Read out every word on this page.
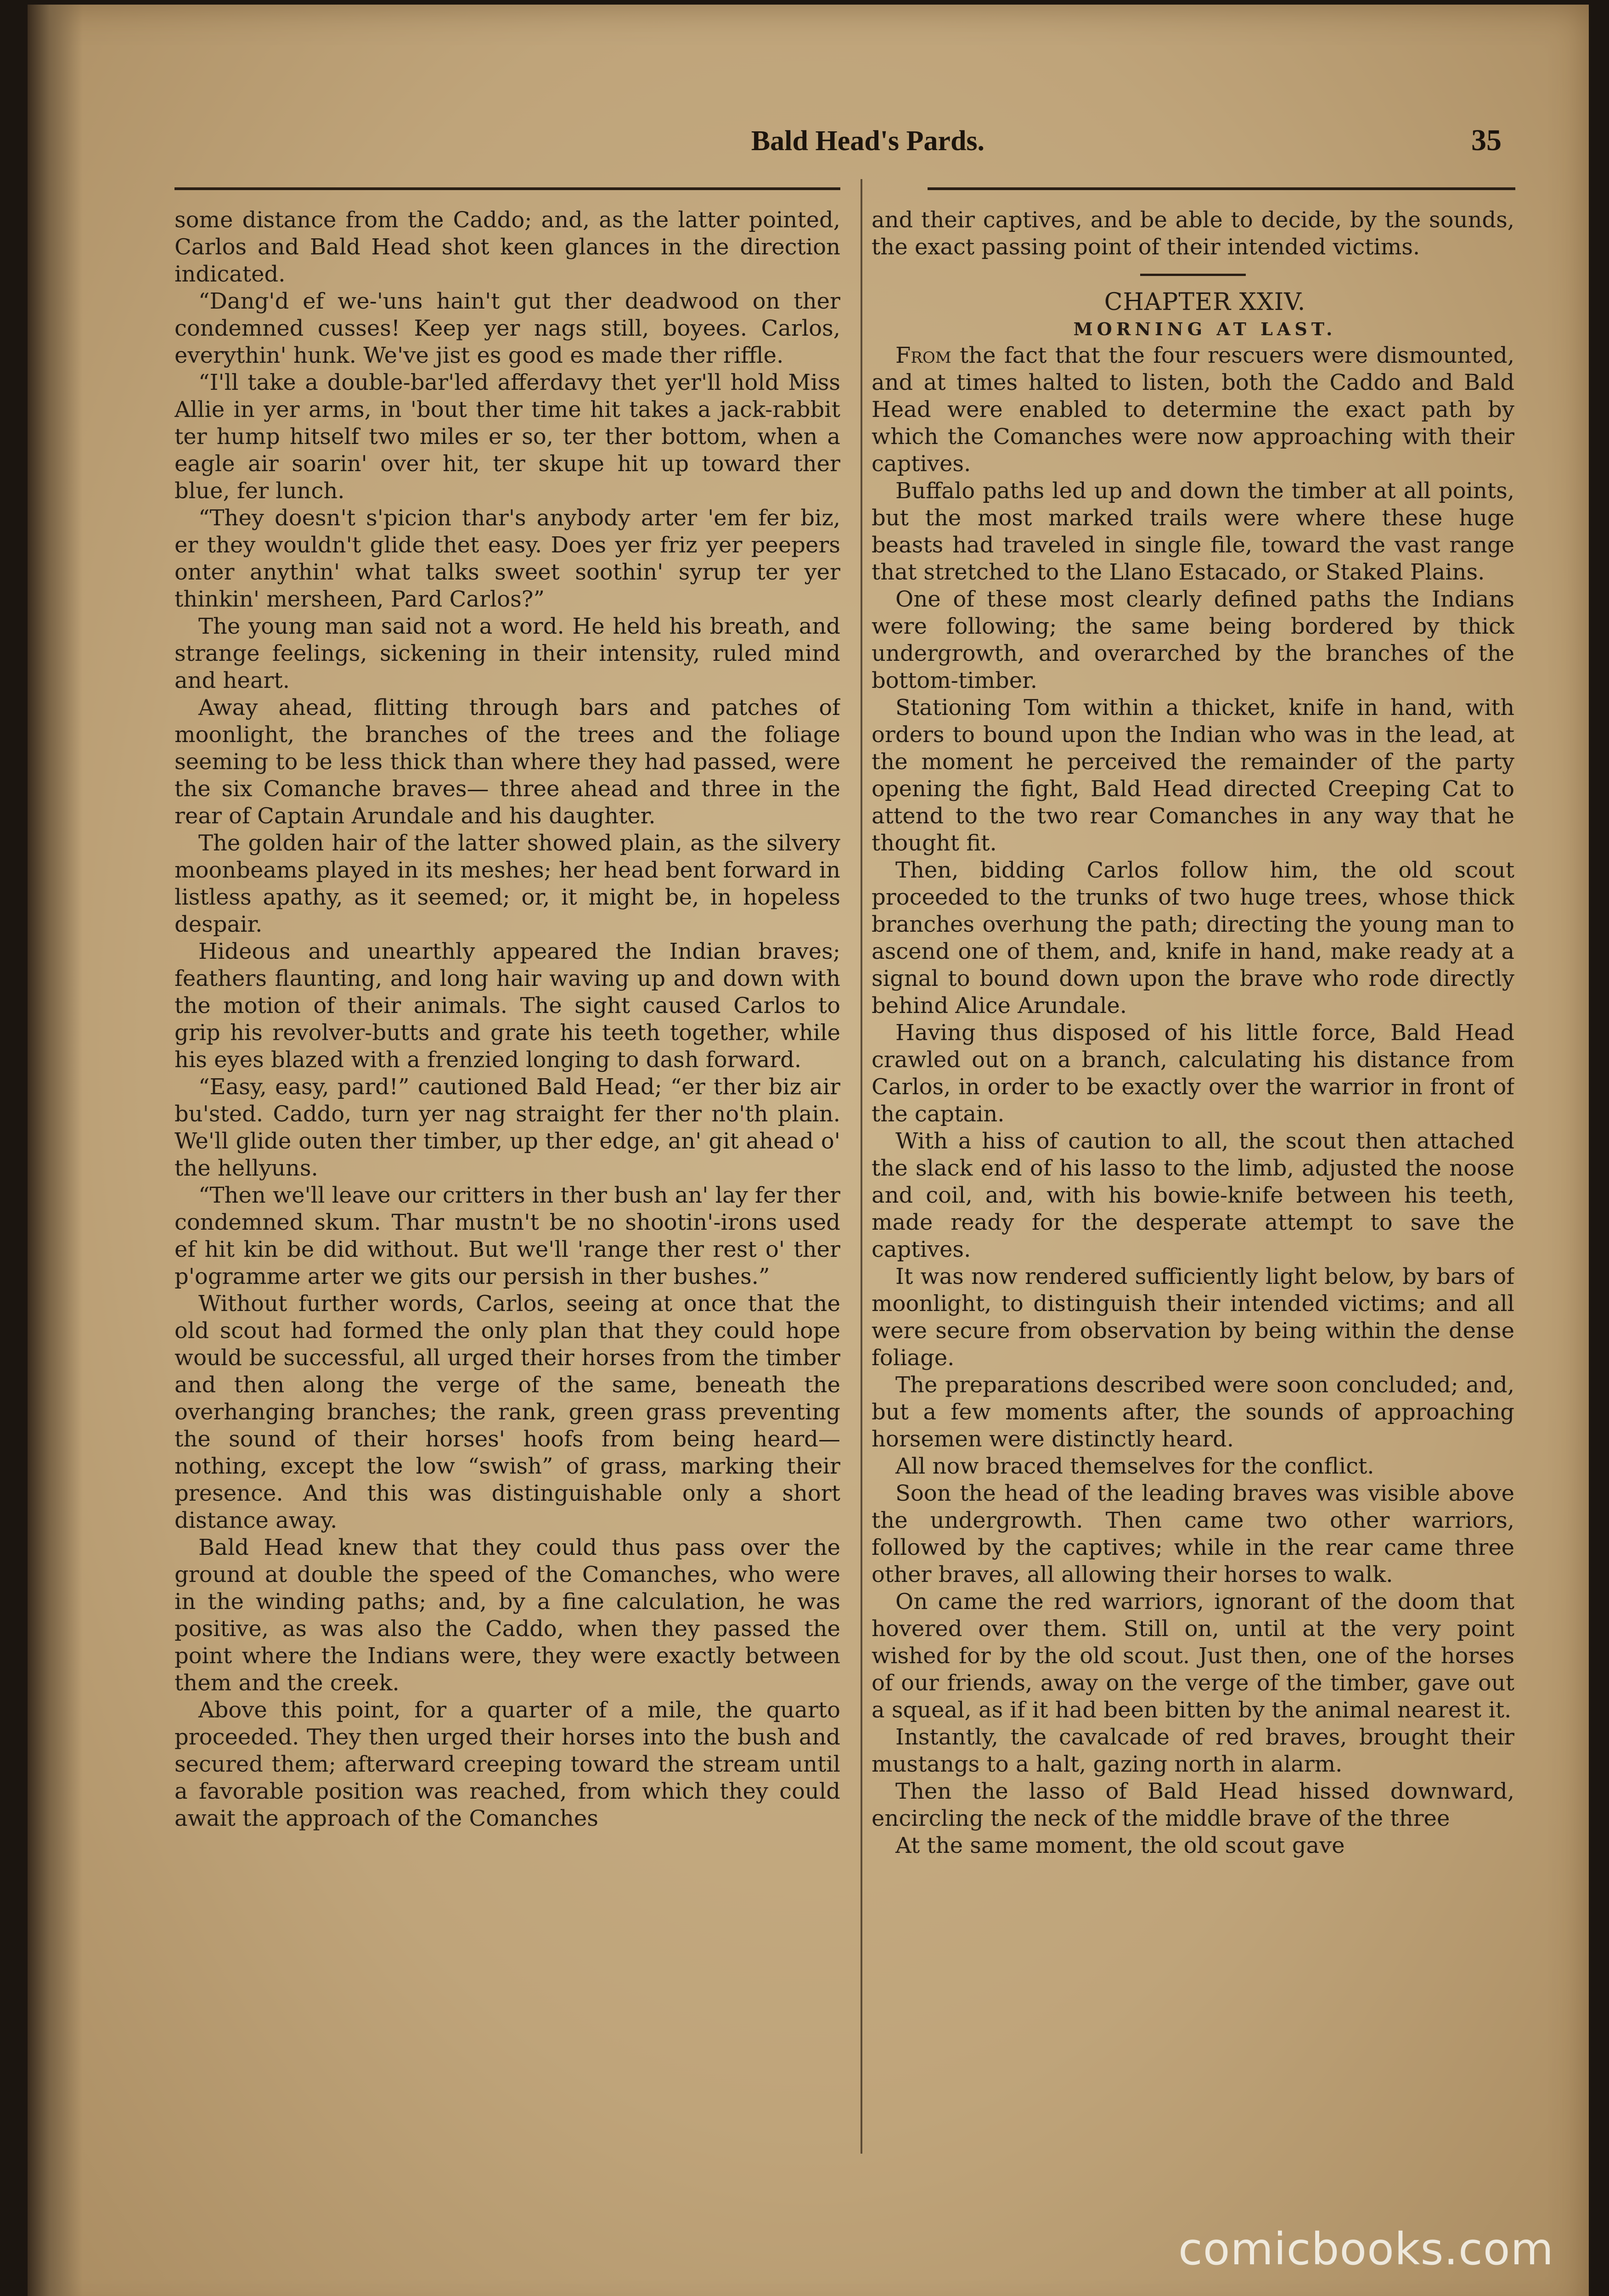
Bald Head's Pards.	35

some distance from the Caddo; and, as the latter pointed, Carlos and Bald Head shot keen glances in the direction indicated.

“Dang'd ef we-'uns hain't gut ther deadwood on ther condemned cusses! Keep yer nags still, boyees. Carlos, everythin' hunk. We've jist es good es made ther riffle.

“I'll take a double-bar'led afferdavy thet yer'll hold Miss Allie in yer arms, in 'bout ther time hit takes a jack-rabbit ter hump hitself two miles er so, ter ther bottom, when a eagle air soarin' over hit, ter skupe hit up toward ther blue, fer lunch.

“They doesn't s'picion thar's anybody arter 'em fer biz, er they wouldn't glide thet easy. Does yer friz yer peepers onter anythin' what talks sweet soothin' syrup ter yer thinkin' mersheen, Pard Carlos?”

The young man said not a word. He held his breath, and strange feelings, sickening in their intensity, ruled mind and heart.

Away ahead, flitting through bars and patches of moonlight, the branches of the trees and the foliage seeming to be less thick than where they had passed, were the six Comanche braves— three ahead and three in the rear of Captain Arundale and his daughter.

The golden hair of the latter showed plain, as the silvery moonbeams played in its meshes; her head bent forward in listless apathy, as it seemed; or, it might be, in hopeless despair.

Hideous and unearthly appeared the Indian braves; feathers flaunting, and long hair waving up and down with the motion of their animals. The sight caused Carlos to grip his revolver-butts and grate his teeth together, while his eyes blazed with a frenzied longing to dash forward.

“Easy, easy, pard!” cautioned Bald Head; “er ther biz air bu'sted. Caddo, turn yer nag straight fer ther no'th plain. We'll glide outen ther timber, up ther edge, an' git ahead o' the hellyuns.

“Then we'll leave our critters in ther bush an' lay fer ther condemned skum. Thar mustn't be no shootin'-irons used ef hit kin be did without. But we'll 'range ther rest o' ther p'ogramme arter we gits our persish in ther bushes.”

Without further words, Carlos, seeing at once that the old scout had formed the only plan that they could hope would be successful, all urged their horses from the timber and then along the verge of the same, beneath the overhanging branches; the rank, green grass preventing the sound of their horses' hoofs from being heard—nothing, except the low “swish” of grass, marking their presence. And this was distinguishable only a short distance away.

Bald Head knew that they could thus pass over the ground at double the speed of the Comanches, who were in the winding paths; and, by a fine calculation, he was positive, as was also the Caddo, when they passed the point where the Indians were, they were exactly between them and the creek.

Above this point, for a quarter of a mile, the quarto proceeded. They then urged their horses into the bush and secured them; afterward creeping toward the stream until a favorable position was reached, from which they could await the approach of the Comanches

and their captives, and be able to decide, by the sounds, the exact passing point of their intended victims.

CHAPTER XXIV.

MORNING AT LAST.

From the fact that the four rescuers were dismounted, and at times halted to listen, both the Caddo and Bald Head were enabled to determine the exact path by which the Comanches were now approaching with their captives.

Buffalo paths led up and down the timber at all points, but the most marked trails were where these huge beasts had traveled in single file, toward the vast range that stretched to the Llano Estacado, or Staked Plains.

One of these most clearly defined paths the Indians were following; the same being bordered by thick undergrowth, and overarched by the branches of the bottom-timber.

Stationing Tom within a thicket, knife in hand, with orders to bound upon the Indian who was in the lead, at the moment he perceived the remainder of the party opening the fight, Bald Head directed Creeping Cat to attend to the two rear Comanches in any way that he thought fit.

Then, bidding Carlos follow him, the old scout proceeded to the trunks of two huge trees, whose thick branches overhung the path; directing the young man to ascend one of them, and, knife in hand, make ready at a signal to bound down upon the brave who rode directly behind Alice Arundale.

Having thus disposed of his little force, Bald Head crawled out on a branch, calculating his distance from Carlos, in order to be exactly over the warrior in front of the captain.

With a hiss of caution to all, the scout then attached the slack end of his lasso to the limb, adjusted the noose and coil, and, with his bowie-knife between his teeth, made ready for the desperate attempt to save the captives.

It was now rendered sufficiently light below, by bars of moonlight, to distinguish their intended victims; and all were secure from observation by being within the dense foliage.

The preparations described were soon concluded; and, but a few moments after, the sounds of approaching horsemen were distinctly heard.

All now braced themselves for the conflict.

Soon the head of the leading braves was visible above the undergrowth. Then came two other warriors, followed by the captives; while in the rear came three other braves, all allowing their horses to walk.

On came the red warriors, ignorant of the doom that hovered over them. Still on, until at the very point wished for by the old scout. Just then, one of the horses of our friends, away on the verge of the timber, gave out a squeal, as if it had been bitten by the animal nearest it.

Instantly, the cavalcade of red braves, brought their mustangs to a halt, gazing north in alarm.

Then the lasso of Bald Head hissed downward, encircling the neck of the middle brave of the three

At the same moment, the old scout gave

comicbooks.com
